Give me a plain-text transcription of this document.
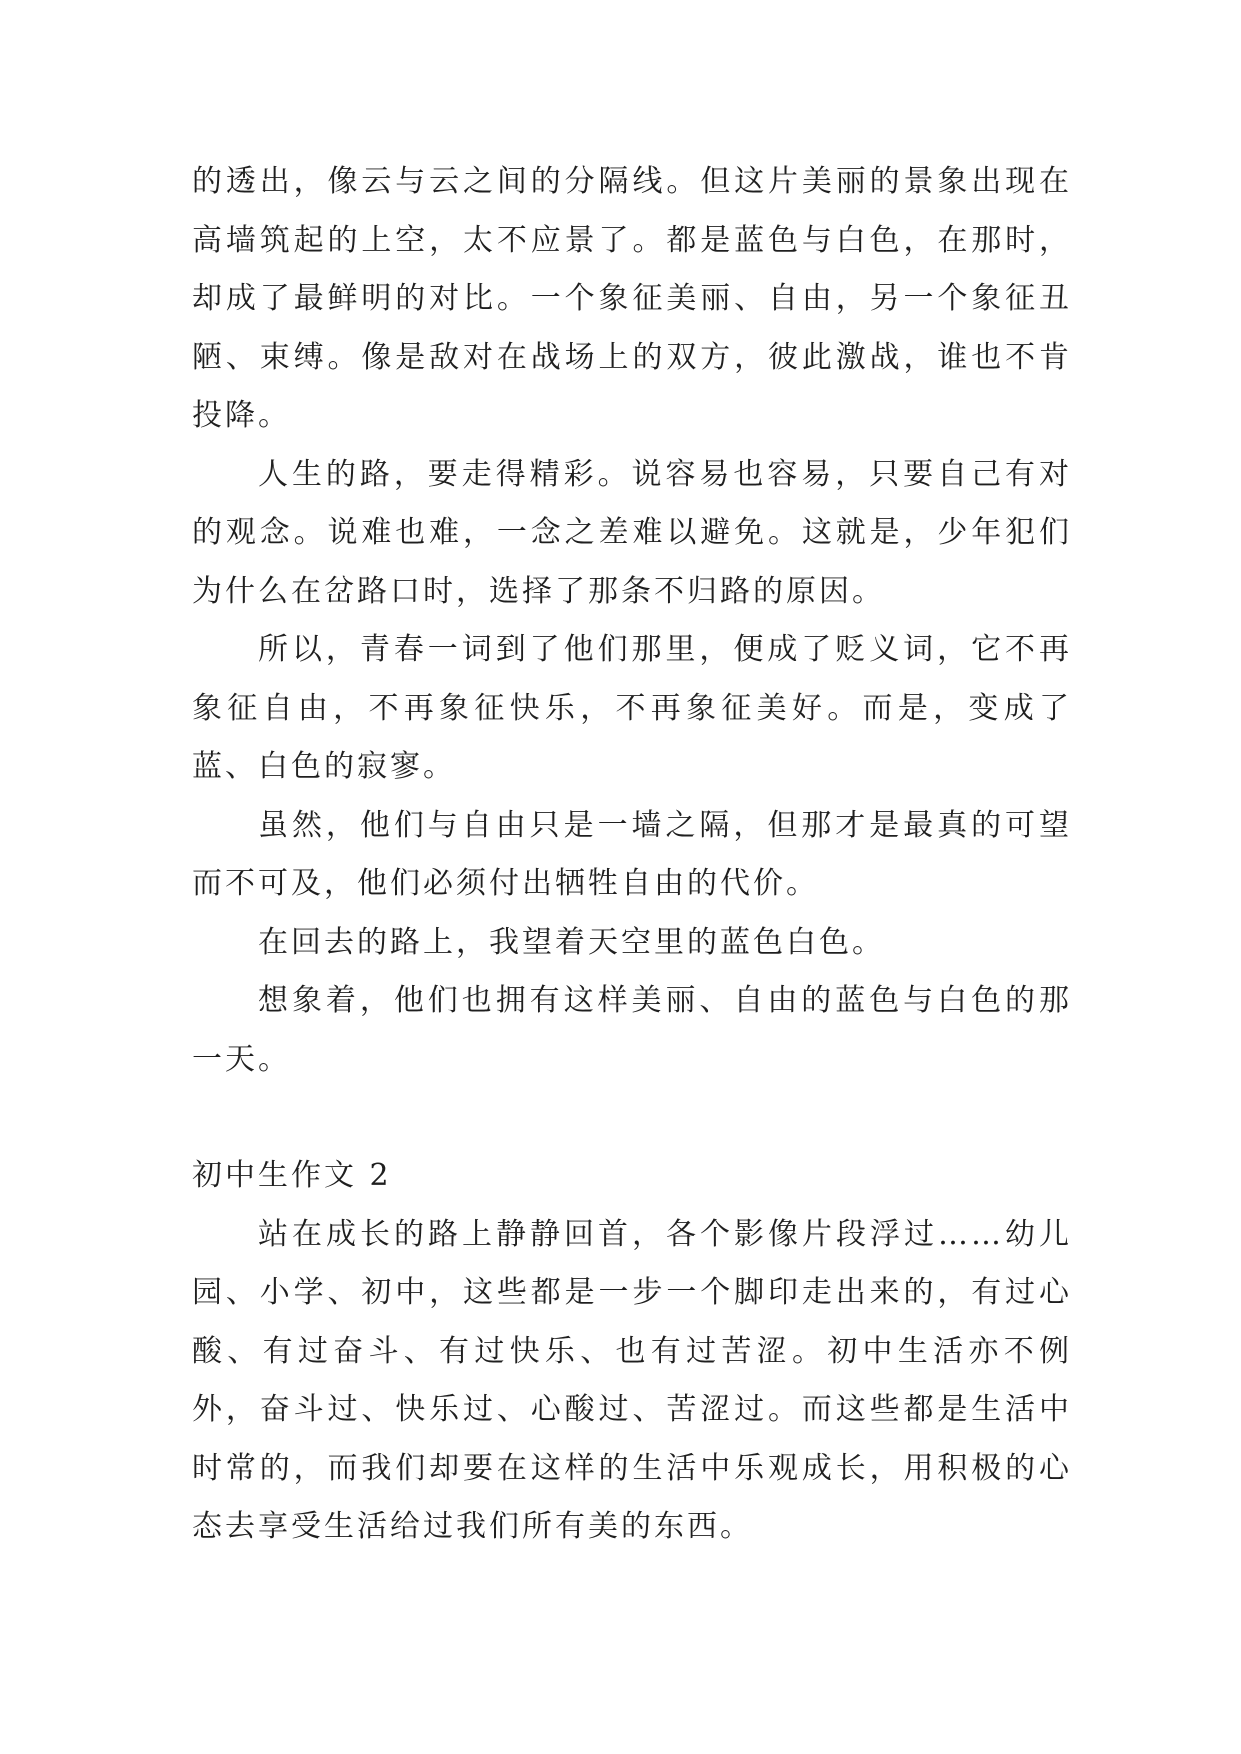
的透出，像云与云之间的分隔线。但这片美丽的景象出现在高墙筑起的上空，太不应景了。都是蓝色与白色，在那时，却成了最鲜明的对比。一个象征美丽、自由，另一个象征丑陋、束缚。像是敌对在战场上的双方，彼此激战，谁也不肯投降。

人生的路，要走得精彩。说容易也容易，只要自己有对的观念。说难也难，一念之差难以避免。这就是，少年犯们为什么在岔路口时，选择了那条不归路的原因。

所以，青春一词到了他们那里，便成了贬义词，它不再象征自由，不再象征快乐，不再象征美好。而是，变成了蓝、白色的寂寥。

虽然，他们与自由只是一墙之隔，但那才是最真的可望而不可及，他们必须付出牺牲自由的代价。

在回去的路上，我望着天空里的蓝色白色。

想象着，他们也拥有这样美丽、自由的蓝色与白色的那一天。

初中生作文 2

站在成长的路上静静回首，各个影像片段浮过……幼儿园、小学、初中，这些都是一步一个脚印走出来的，有过心酸、有过奋斗、有过快乐、也有过苦涩。初中生活亦不例外，奋斗过、快乐过、心酸过、苦涩过。而这些都是生活中时常的，而我们却要在这样的生活中乐观成长，用积极的心态去享受生活给过我们所有美的东西。
